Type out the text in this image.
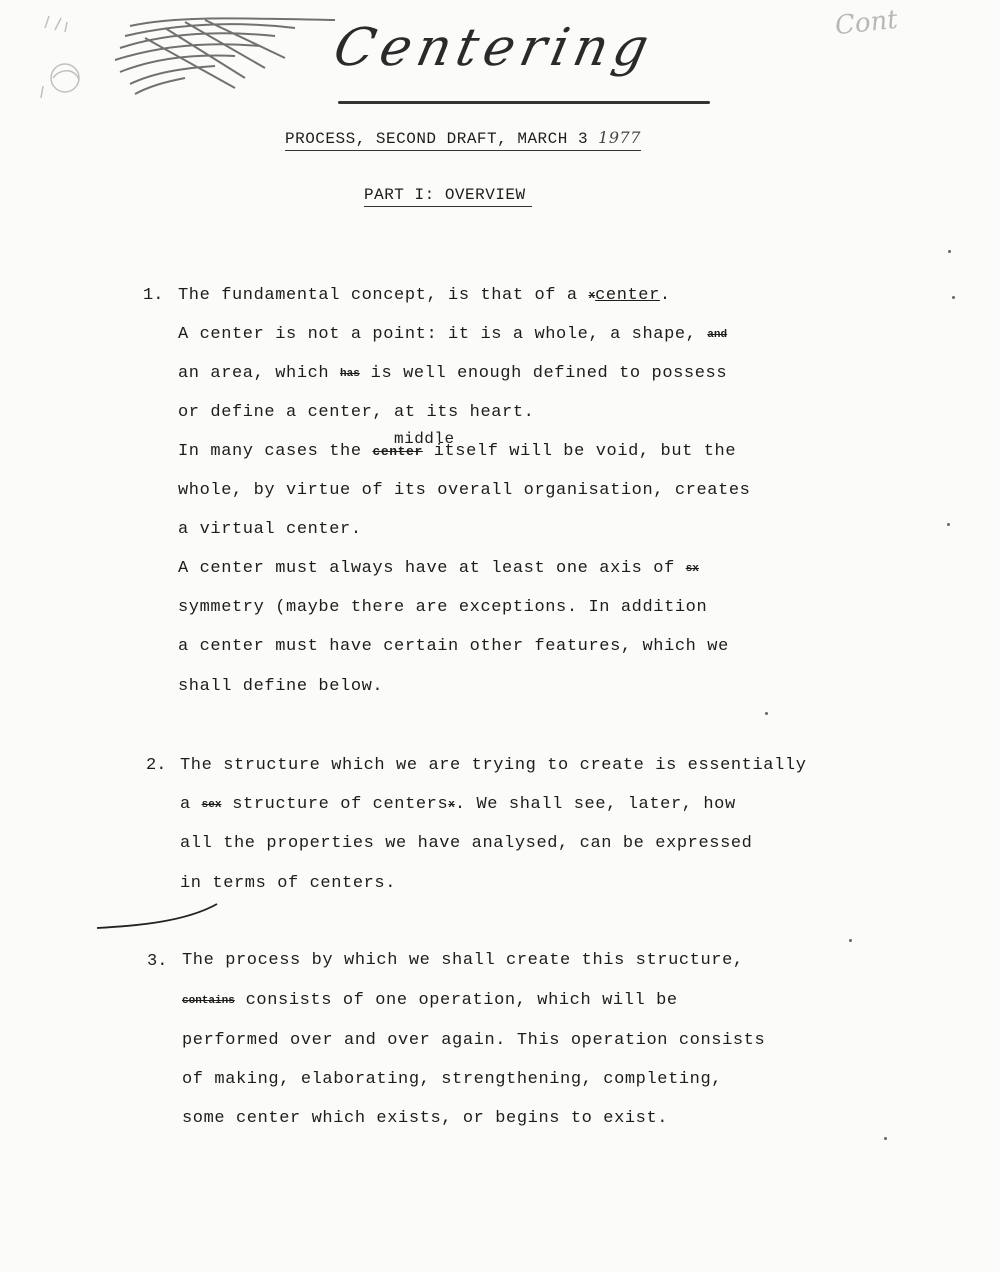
Cont
Centering
PROCESS, SECOND DRAFT, MARCH 3 1977
PART I: OVERVIEW
1. The fundamental concept, is that of a xcenter.
A center is not a point: it is a whole, a shape, and
an area, which has is well enough defined to possess
or define a center, at its heart.
middle
In many cases the center itself will be void, but the
whole, by virtue of its overall organisation, creates
a virtual center.
A center must always have at least one axis of sx
symmetry (maybe there are exceptions. In addition
a center must have certain other features, which we
shall define below.
2. The structure which we are trying to create is essentially
a sex structure of centersx. We shall see, later, how
all the properties we have analysed, can be expressed
in terms of centers.
3. The process by which we shall create this structure,
contains consists of one operation, which will be
performed over and over again. This operation consists
of making, elaborating, strengthening, completing,
some center which exists, or begins to exist.
